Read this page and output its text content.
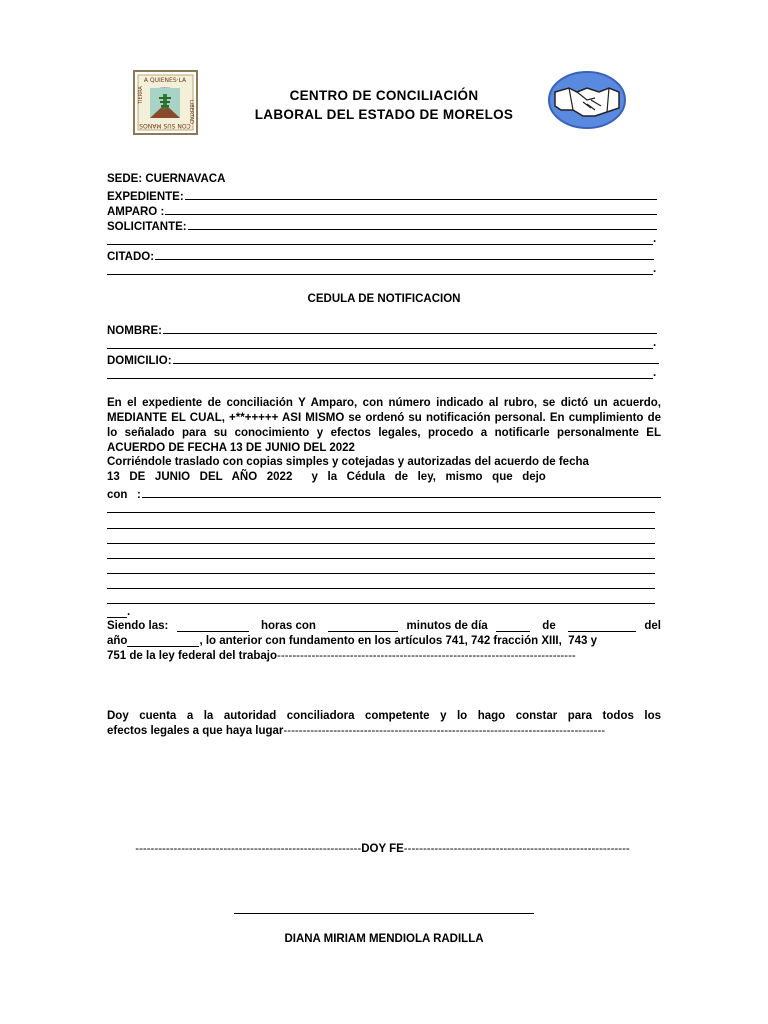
A QUIENES·LA
CON SUS MANOS
TIERRA
LIBERTAD
CENTRO DE CONCILIACIÓN
LABORAL DEL ESTADO DE MORELOS
SEDE: CUERNAVACA
EXPEDIENTE:
AMPARO :
SOLICITANTE:
.
CITADO:
.
CEDULA DE NOTIFICACION
NOMBRE:
.
DOMICILIO:
.
En el expediente de conciliación Y Amparo, con número indicado al rubro, se dictó un acuerdo, MEDIANTE EL CUAL, +**+++++ ASI MISMO se ordenó su notificación personal. En cumplimiento de lo señalado para su conocimiento y efectos legales, procedo a notificarle personalmente EL ACUERDO DE FECHA 13 DE JUNIO DEL 2022
Corriéndole traslado con copias simples y cotejadas y autorizadas del acuerdo de fecha
13   DE   JUNIO   DEL   AÑO   2022      y   la   Cédula   de   ley,   mismo   que   dejo
con   :
.
Siendo las:	horas con	minutos de día	de	del
año	, lo anterior con fundamento en los artículos 741, 742 fracción XIII,  743 y
751 de la ley federal del trabajo------------------------------------------------------------------------------
Doy cuenta a la autoridad conciliadora competente y lo hago constar para todos los
efectos legales a que haya lugar------------------------------------------------------------------------------------
-----------------------------------------------------------DOY FE-----------------------------------------------------------
DIANA MIRIAM MENDIOLA RADILLA
